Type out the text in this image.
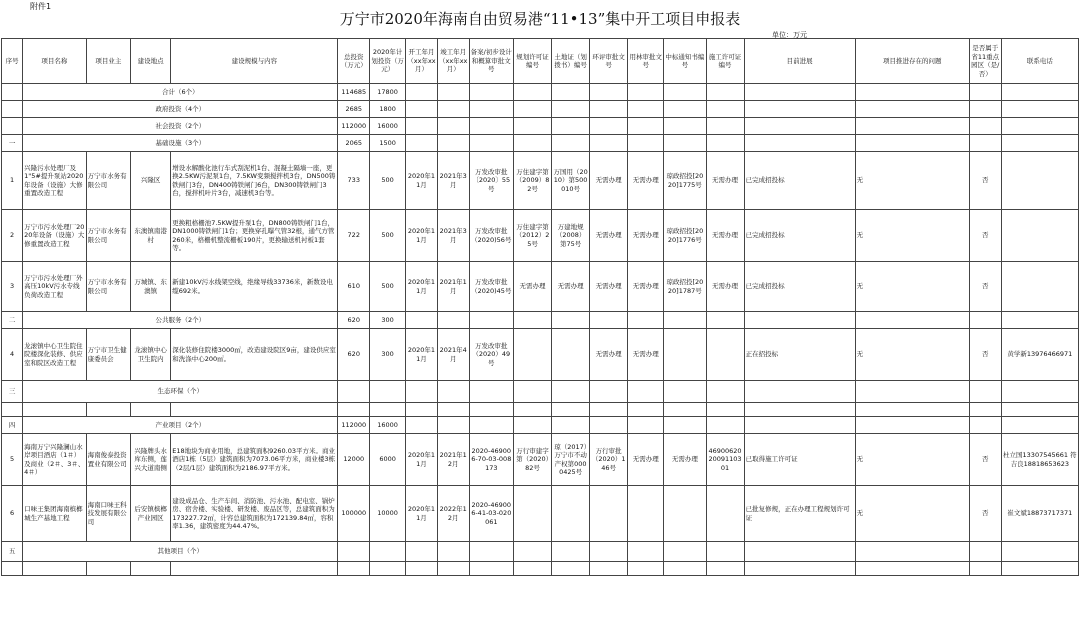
附件1
万宁市2020年海南自由贸易港“11•13”集中开工项目申报表
单位：万元
序号	项目名称	项目业主	建设地点	建设规模与内容	总投资（万元）	2020年计划投资（万元）	开工年月（xx年xx月）	竣工年月（xx年xx月）	备案/初步设计和概算审批文号	规划许可证编号	土地证（划拨书）编号	环评审批文号	用林审批文号	中标通知书编号	施工许可证编号	目前进展	项目推进存在的问题	是否属于省11重点园区（是/否）	联系电话
	合计（6个）				114685	17800													
	政府投资（4个）				2685	1800													
	社会投资（2个）				112000	16000													
一	基础设施（3个）				2065	1500													
1	兴隆污水处理厂及1"5#提升泵站2020年设备（设施）大修重置改造工程	万宁市水务有限公司	兴隆区	增设水解酸化池行车式刮泥机1台、混凝土隔墙一座，更换2.5KW污泥泵1台，7.5KW变频搅拌机3台，DN500铸铁闸门3台，DN400铸铁闸门6台，DN300铸铁闸门3台，搅拌机叶片3台，减速机3台等。	733	500	2020年11月	2021年3月	万发改审批〔2020〕55号	万住建字第（2009）82号	万国用（2010）第500010号	无需办理	无需办理	琼政招投[2020]1775号	无需办理	已完成招投标	无	否	
2	万宁市污水处理厂2020年设备（设施）大修重置改造工程	万宁市水务有限公司	东澳镇南港村	更换粗格栅池7.5KW提升泵1台，DN800铸铁闸门1台，DN1000铸铁闸门1台；更换穿孔曝气管32根，通气方管260米，格栅机整流栅板190片，更换输送机衬板1套等。	722	500	2020年11月	2021年3月	万发改审批（2020)56号	万住建字第（2012）25号	万建地规（2008）第75号	无需办理	无需办理	琼政招投[2020]1776号	无需办理	已完成招投标	无	否	
3	万宁市污水处理厂外高压10kV污水专线负荷改造工程	万宁市水务有限公司	万城镇、东澳镇	新建10kV污水线架空线，绝缘导线33736米，新数设电缆692米。	610	500	2020年11月	2021年1月	万发改审批（2020)45号	无需办理	无需办理	无需办理	无需办理	琼政招投[2020]1787号	无需办理	已完成招投标	无	否	
二	公共服务（2个）				620	300													
4	龙滚镇中心卫生院住院楼深化装修、供应室和院区改造工程	万宁市卫生健康委员会	龙滚镇中心卫生院内	深化装修住院楼3000㎡，改造建设院区9亩，建设供应室和洗涤中心200㎡。	620	300	2020年11月	2021年4月	万发改审批（2020）49号			无需办理	无需办理			正在招投标	无	否	黄学新13976466971
三	生态环保（个）																		

四	产业项目（2个）				112000	16000													
5	海南万宁兴隆澜山水岸项目酒店（1＃）及商业（2＃、3＃、4＃）	海南俊泰投资置业有限公司	兴隆牌头水库东侧，莲兴大道南侧	E18地块为商业用地，总建筑面积9260.03平方米。商业酒店1栋（5层）建筑面积为7073.06平方米，商业楼3栋（2层/1层）建筑面积为2186.97平方米。	12000	6000	2020年11月	2021年12月	2020-469006-70-03-008173	万行审建字第（2020）82号	琼（2017）万宁市不动产权第0000425号	万行审批（2020）146号	无需办理	无需办理	469006202009110301	已取得施工许可证	无	否	杜立国13307545661 符吉良18818653623
6	口味王集团海南槟榔城生产基地工程	海南口味王科技发展有限公司	后安镇槟榔产业园区	建设成品仓、生产车间、消防池、污水池、配电室、锅炉房、宿舍楼、实验楼、研发楼、废品区等，总建筑面积为173227.72㎡，计容总建筑面积为172139.84㎡，容积率1.36，建筑密度为44.47%。	100000	10000	2020年11月	2022年12月	2020-469006-41-03-020061							已批复修规，正在办理工程规划许可证	无	否	崔文斌18873717371
五	其他项目（个）																		
